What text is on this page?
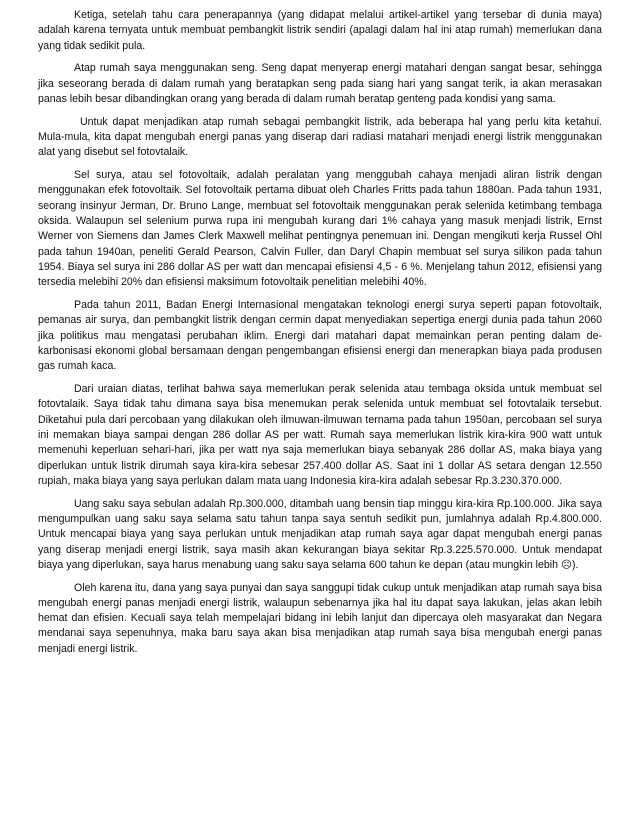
Ketiga, setelah tahu cara penerapannya (yang didapat melalui artikel-artikel yang tersebar di dunia maya) adalah karena ternyata untuk membuat pembangkit listrik sendiri (apalagi dalam hal ini atap rumah) memerlukan dana yang tidak sedikit pula.

Atap rumah saya menggunakan seng. Seng dapat menyerap energi matahari dengan sangat besar, sehingga jika seseorang berada di dalam rumah yang beratapkan seng pada siang hari yang sangat terik, ia akan merasakan panas lebih besar dibandingkan orang yang berada di dalam rumah beratap genteng pada kondisi yang sama.

Untuk dapat menjadikan atap rumah sebagai pembangkit listrik, ada beberapa hal yang perlu kita ketahui. Mula-mula, kita dapat mengubah energi panas yang diserap dari radiasi matahari menjadi energi listrik menggunakan alat yang disebut sel fotovtalaik.

Sel surya, atau sel fotovoltaik, adalah peralatan yang menggubah cahaya menjadi aliran listrik dengan menggunakan efek fotovoltaik. Sel fotovoltaik pertama dibuat oleh Charles Fritts pada tahun 1880an. Pada tahun 1931, seorang insinyur Jerman, Dr. Bruno Lange, membuat sel fotovoltaik menggunakan perak selenida ketimbang tembaga oksida. Walaupun sel selenium purwa rupa ini mengubah kurang dari 1% cahaya yang masuk menjadi listrik, Ernst Werner von Siemens dan James Clerk Maxwell melihat pentingnya penemuan ini. Dengan mengikuti kerja Russel Ohl pada tahun 1940an, peneliti Gerald Pearson, Calvin Fuller, dan Daryl Chapin membuat sel surya silikon pada tahun 1954. Biaya sel surya ini 286 dollar AS per watt dan mencapai efisiensi 4,5 - 6 %. Menjelang tahun 2012, efisiensi yang tersedia melebihi 20% dan efisiensi maksimum fotovoltaik penelitian melebihi 40%.

Pada tahun 2011, Badan Energi Internasional mengatakan teknologi energi surya seperti papan fotovoltaik, pemanas air surya, dan pembangkit listrik dengan cermin dapat menyediakan sepertiga energi dunia pada tahun 2060 jika politikus mau mengatasi perubahan iklim. Energi dari matahari dapat memainkan peran penting dalam de-karbonisasi ekonomi global bersamaan dengan pengembangan efisiensi energi dan menerapkan biaya pada produsen gas rumah kaca.

Dari uraian diatas, terlihat bahwa saya memerlukan perak selenida atau tembaga oksida untuk membuat sel fotovtalaik. Saya tidak tahu dimana saya bisa menemukan perak selenida untuk membuat sel fotovtalaik tersebut. Diketahui pula dari percobaan yang dilakukan oleh ilmuwan-ilmuwan ternama pada tahun 1950an, percobaan sel surya ini memakan biaya sampai dengan 286 dollar AS per watt. Rumah saya memerlukan listrik kira-kira 900 watt untuk memenuhi keperluan sehari-hari, jika per watt nya saja memerlukan biaya sebanyak 286 dollar AS, maka biaya yang diperlukan untuk listrik dirumah saya kira-kira sebesar 257.400 dollar AS. Saat ini 1 dollar AS setara dengan 12.550 rupiah, maka biaya yang saya perlukan dalam mata uang Indonesia kira-kira adalah sebesar Rp.3.230.370.000.

Uang saku saya sebulan adalah Rp.300.000, ditambah uang bensin tiap minggu kira-kira Rp.100.000. Jika saya mengumpulkan uang saku saya selama satu tahun tanpa saya sentuh sedikit pun, jumlahnya adalah Rp.4.800.000. Untuk mencapai biaya yang saya perlukan untuk menjadikan atap rumah saya agar dapat mengubah energi panas yang diserap menjadi energi listrik, saya masih akan kekurangan biaya sekitar Rp.3.225.570.000. Untuk mendapat biaya yang diperlukan, saya harus menabung uang saku saya selama 600 tahun ke depan (atau mungkin lebih ☹).

Oleh karena itu, dana yang saya punyai dan saya sanggupi tidak cukup untuk menjadikan atap rumah saya bisa mengubah energi panas menjadi energi listrik, walaupun sebenarnya jika hal itu dapat saya lakukan, jelas akan lebih hemat dan efisien. Kecuali saya telah mempelajari bidang ini lebih lanjut dan dipercaya oleh masyarakat dan Negara mendanai saya sepenuhnya, maka baru saya akan bisa menjadikan atap rumah saya bisa mengubah energi panas menjadi energi listrik.
